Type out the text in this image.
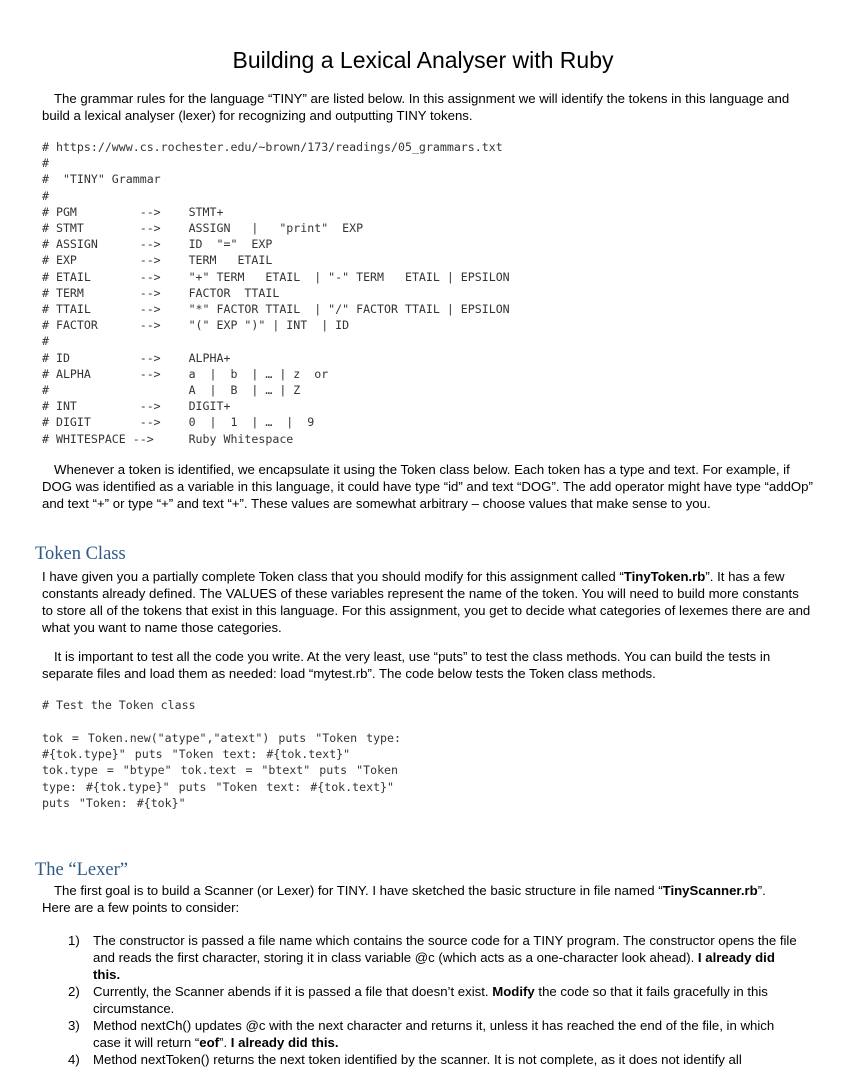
Building a Lexical Analyser with Ruby
The grammar rules for the language “TINY” are listed below. In this assignment we will identify the tokens in this language and build a lexical analyser (lexer) for recognizing and outputting TINY tokens.
# https://www.cs.rochester.edu/~brown/173/readings/05_grammars.txt
#
#  "TINY" Grammar
#
# PGM         -->    STMT+
# STMT        -->    ASSIGN   |   "print"  EXP
# ASSIGN      -->    ID  "="  EXP
# EXP         -->    TERM   ETAIL
# ETAIL       -->    "+" TERM   ETAIL  | "-" TERM   ETAIL | EPSILON
# TERM        -->    FACTOR  TTAIL
# TTAIL       -->    "*" FACTOR TTAIL  | "/" FACTOR TTAIL | EPSILON
# FACTOR      -->    "(" EXP ")" | INT  | ID
#
# ID          -->    ALPHA+
# ALPHA       -->    a  |  b  | … | z  or
#                    A  |  B  | … | Z
# INT         -->    DIGIT+
# DIGIT       -->    0  |  1  | …  |  9
# WHITESPACE -->     Ruby Whitespace
Whenever a token is identified, we encapsulate it using the Token class below. Each token has a type and text. For example, if DOG was identified as a variable in this language, it could have type “id” and text “DOG”. The add operator might have type “addOp” and text “+” or type “+” and text “+”. These values are somewhat arbitrary – choose values that make sense to you.
Token Class
I have given you a partially complete Token class that you should modify for this assignment called “TinyToken.rb”. It has a few constants already defined. The VALUES of these variables represent the name of the token. You will need to build more constants to store all of the tokens that exist in this language. For this assignment, you get to decide what categories of lexemes there are and what you want to name those categories.
It is important to test all the code you write. At the very least, use “puts” to test the class methods. You can build the tests in separate files and load them as needed: load “mytest.rb”. The code below tests the Token class methods.
# Test the Token class
tok = Token.new("atype","atext") puts "Token type: #{tok.type}" puts "Token text: #{tok.text}" tok.type = "btype" tok.text = "btext" puts "Token type: #{tok.type}" puts "Token text: #{tok.text}" puts "Token: #{tok}"
The “Lexer”
The first goal is to build a Scanner (or Lexer) for TINY. I have sketched the basic structure in file named “TinyScanner.rb”. Here are a few points to consider:
1) The constructor is passed a file name which contains the source code for a TINY program. The constructor opens the file and reads the first character, storing it in class variable @c (which acts as a one-character look ahead). I already did this.
2) Currently, the Scanner abends if it is passed a file that doesn’t exist. Modify the code so that it fails gracefully in this circumstance.
3) Method nextCh() updates @c with the next character and returns it, unless it has reached the end of the file, in which case it will return “eof”. I already did this.
4) Method nextToken() returns the next token identified by the scanner. It is not complete, as it does not identify all
